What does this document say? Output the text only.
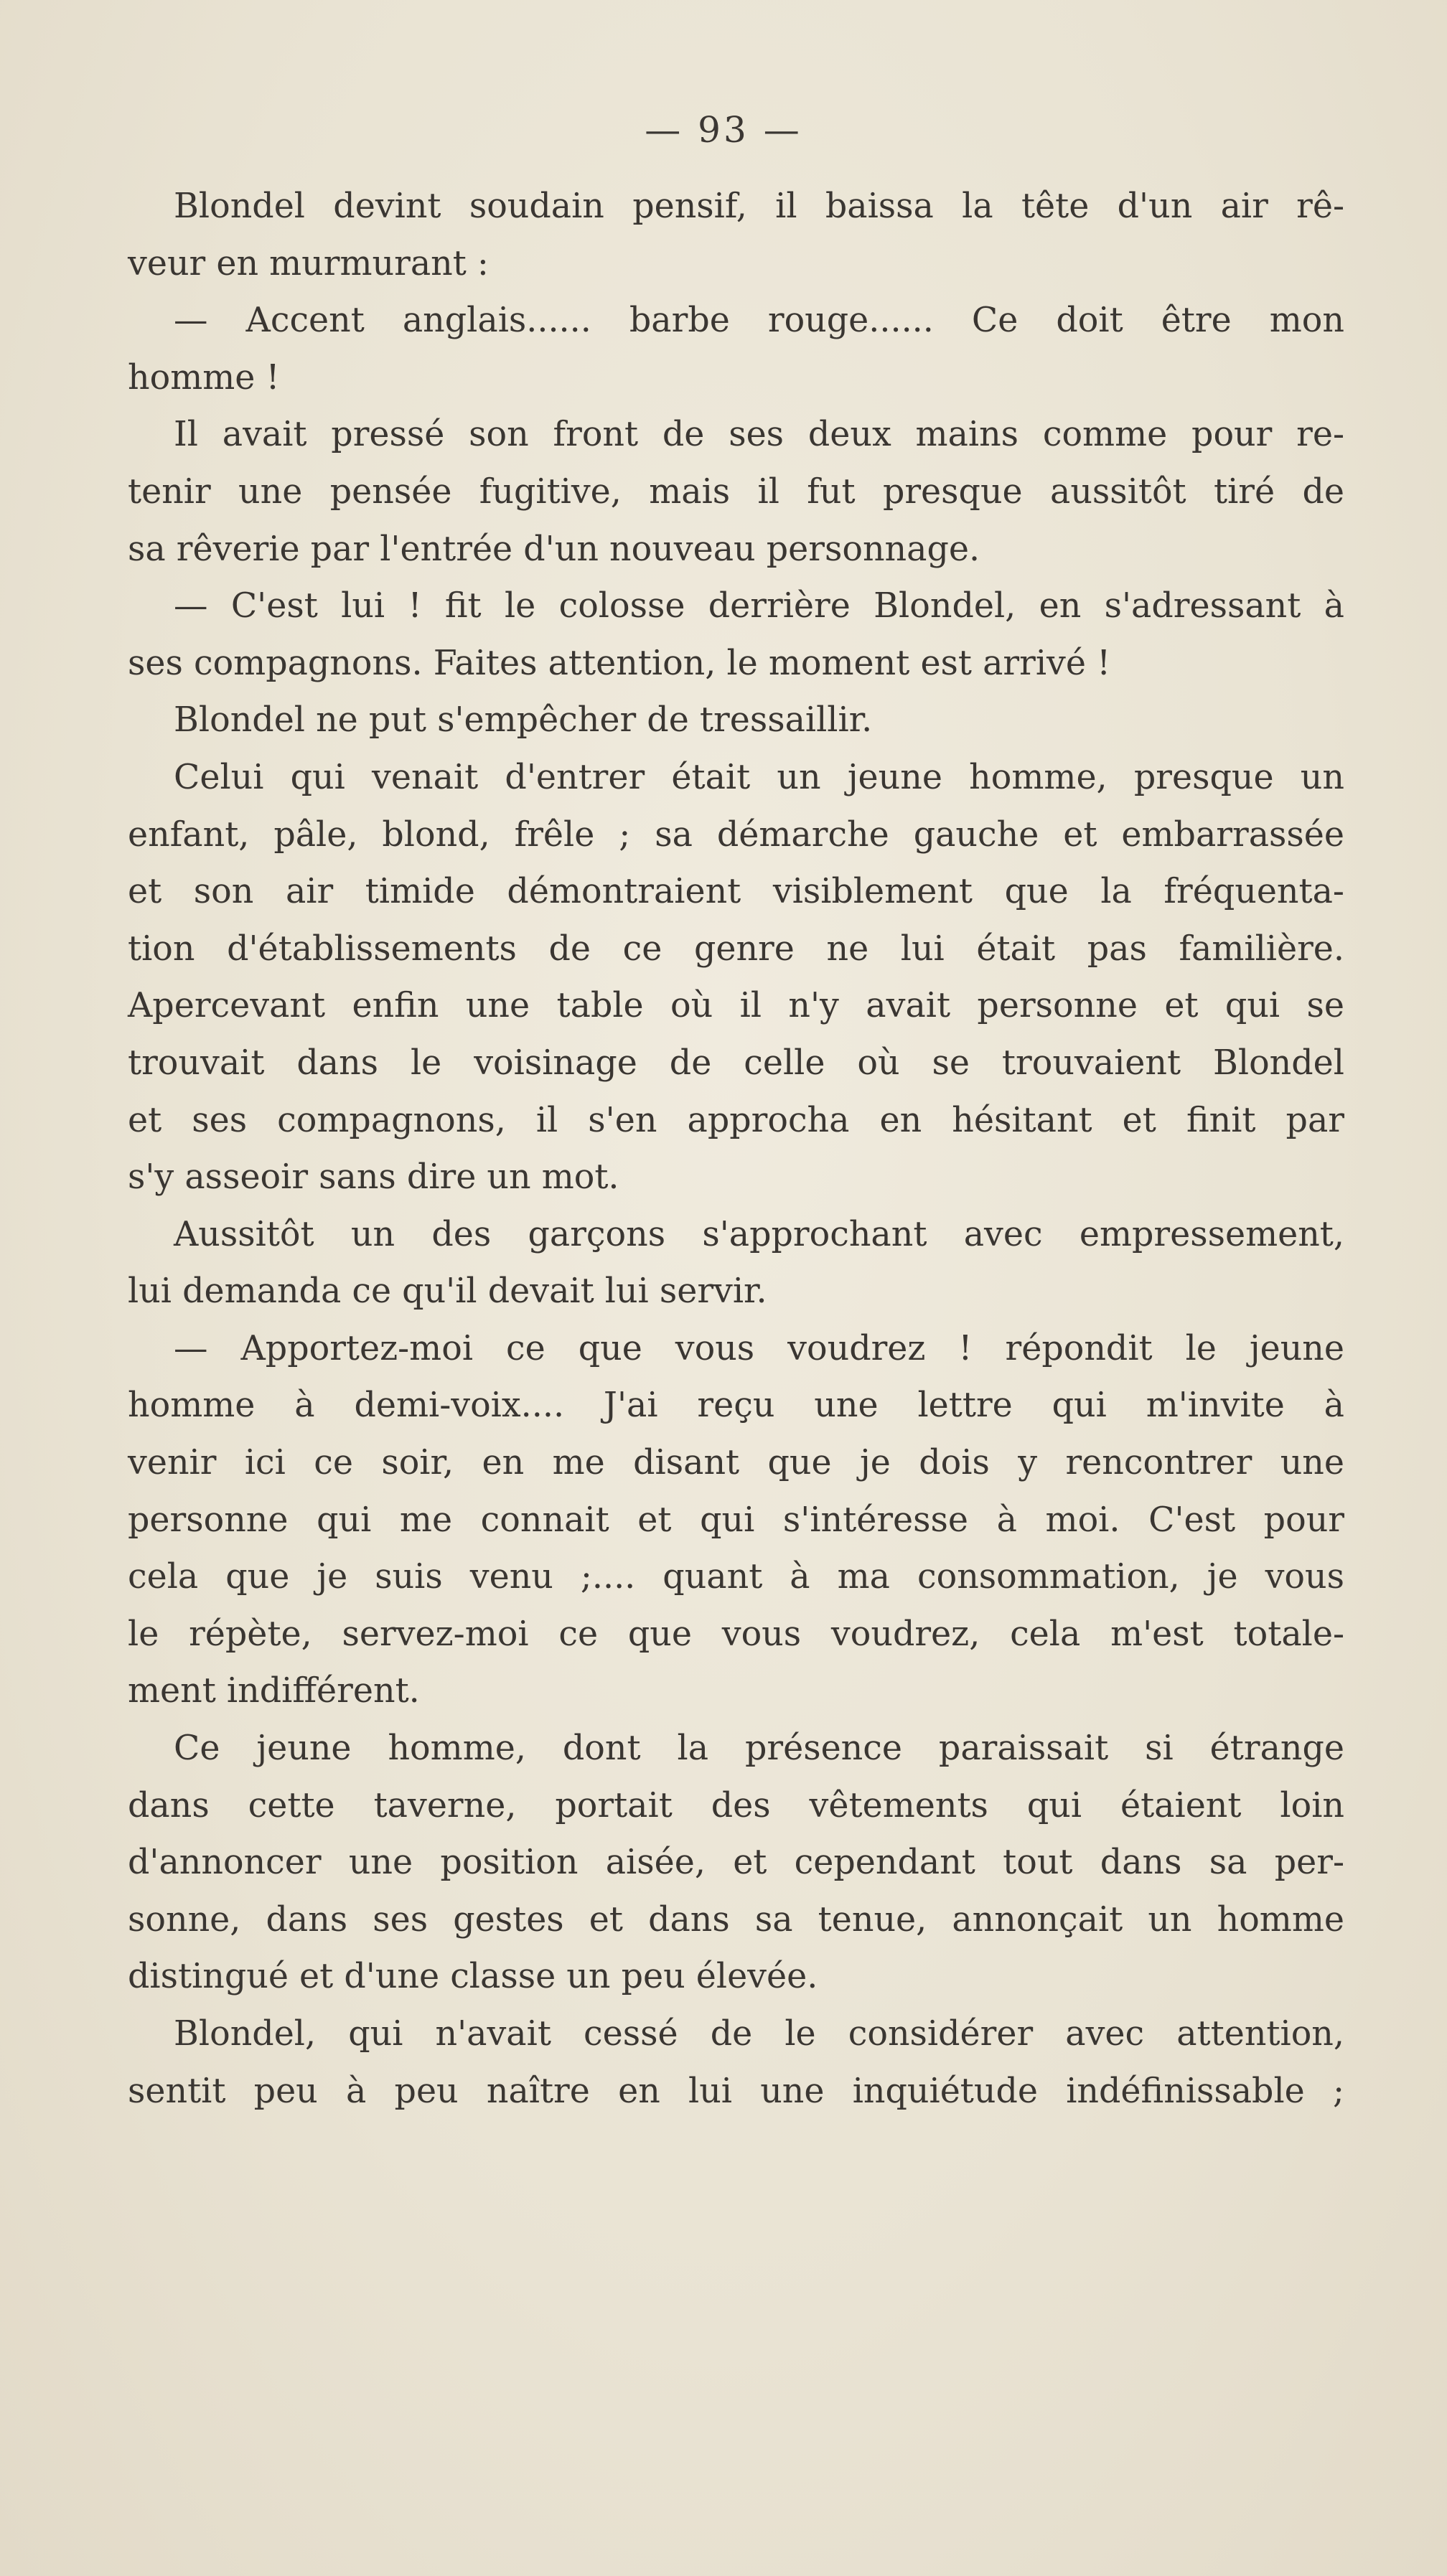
— 93 —
Blondel devint soudain pensif, il baissa la tête d'un air rê-
veur en murmurant :
— Accent anglais...... barbe rouge...... Ce doit être mon
homme !
Il avait pressé son front de ses deux mains comme pour re-
tenir une pensée fugitive, mais il fut presque aussitôt tiré de
sa rêverie par l'entrée d'un nouveau personnage.
— C'est lui ! fit le colosse derrière Blondel, en s'adressant à
ses compagnons. Faites attention, le moment est arrivé !
Blondel ne put s'empêcher de tressaillir.
Celui qui venait d'entrer était un jeune homme, presque un
enfant, pâle, blond, frêle ; sa démarche gauche et embarrassée
et son air timide démontraient visiblement que la fréquenta-
tion d'établissements de ce genre ne lui était pas familière.
Apercevant enfin une table où il n'y avait personne et qui se
trouvait dans le voisinage de celle où se trouvaient Blondel
et ses compagnons, il s'en approcha en hésitant et finit par
s'y asseoir sans dire un mot.
Aussitôt un des garçons s'approchant avec empressement,
lui demanda ce qu'il devait lui servir.
— Apportez-moi ce que vous voudrez ! répondit le jeune
homme à demi-voix.... J'ai reçu une lettre qui m'invite à
venir ici ce soir, en me disant que je dois y rencontrer une
personne qui me connait et qui s'intéresse à moi. C'est pour
cela que je suis venu ;.... quant à ma consommation, je vous
le répète, servez-moi ce que vous voudrez, cela m'est totale-
ment indifférent.
Ce jeune homme, dont la présence paraissait si étrange
dans cette taverne, portait des vêtements qui étaient loin
d'annoncer une position aisée, et cependant tout dans sa per-
sonne, dans ses gestes et dans sa tenue, annonçait un homme
distingué et d'une classe un peu élevée.
Blondel, qui n'avait cessé de le considérer avec attention,
sentit peu à peu naître en lui une inquiétude indéfinissable ;
